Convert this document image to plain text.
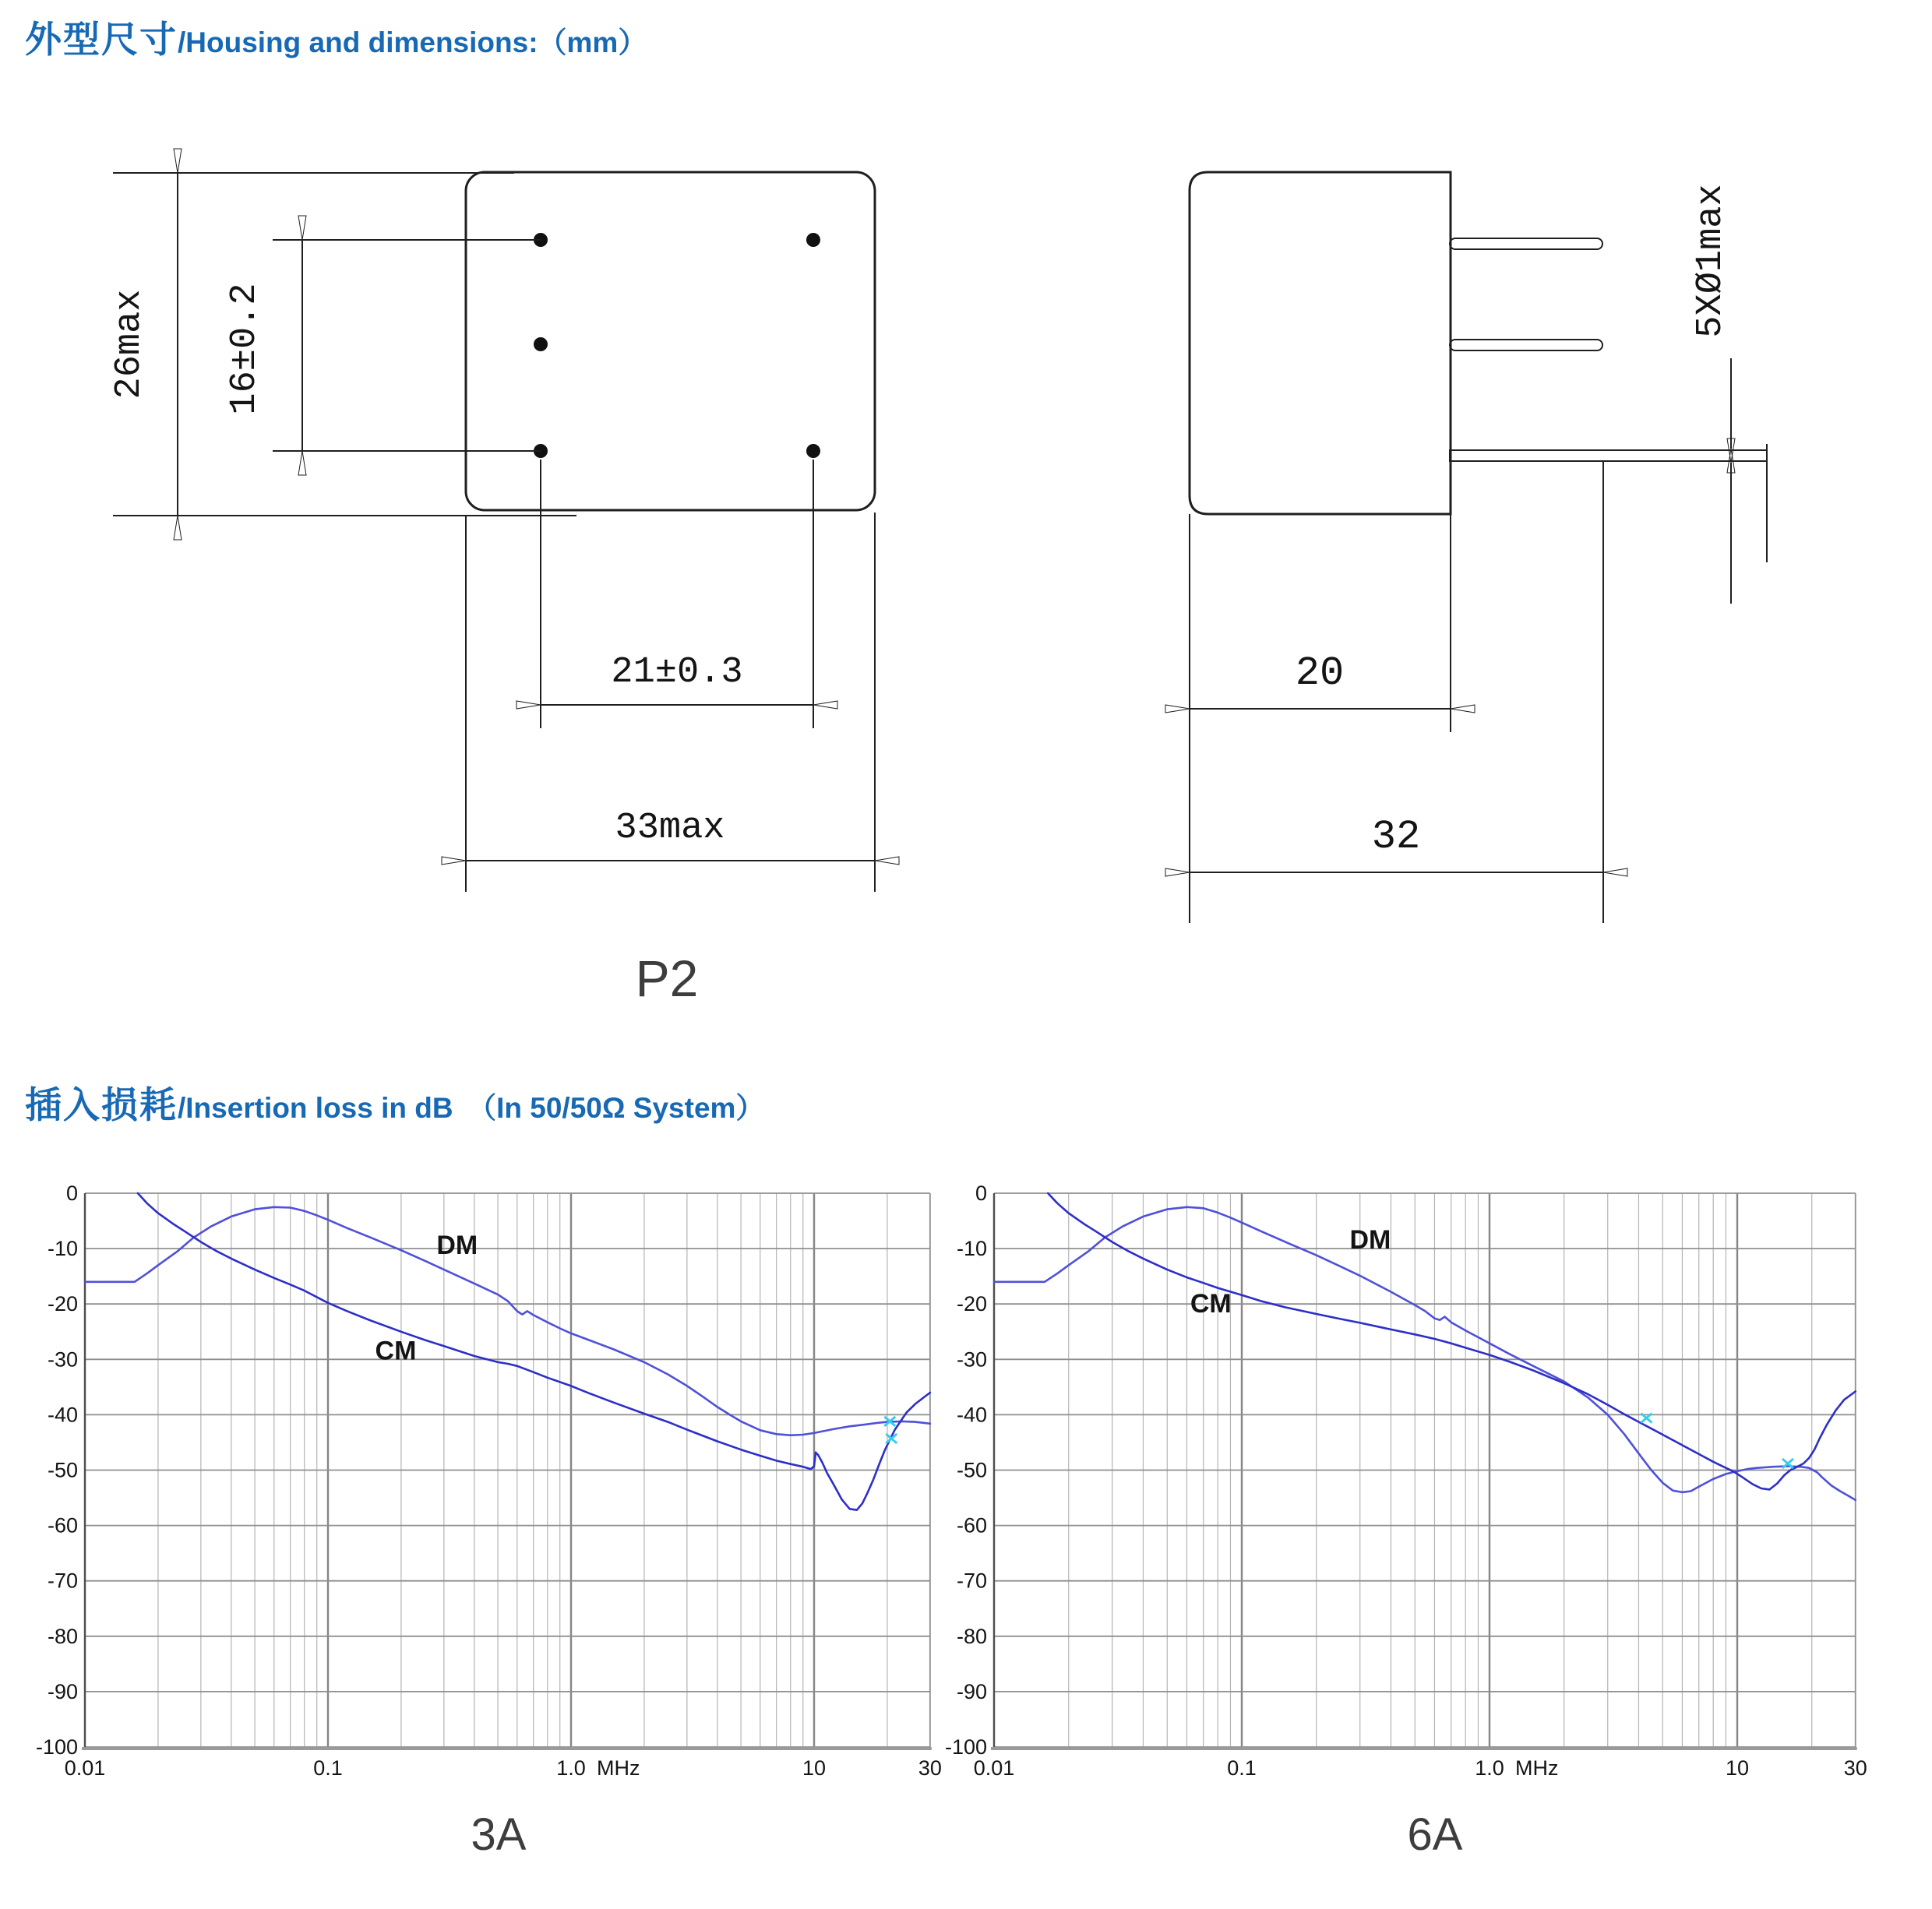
外型尺寸/Housing and dimensions:（mm）
26max 16±0.2
21±0.3
33max
20
32
5XØ1max
P2
插入损耗/Insertion loss in dB　（In 50/50Ω System）
0
-10
-20
-30
-40
-50
-60
-70
-80
-90
-100
0.01	0.1	1.0	10	30
MHz
DM
CM
0
-10
-20
-30
-40
-50
-60
-70
-80
-90
-100
0.01	0.1	1.0	10	30
MHz
DM
CM
3A	6A
